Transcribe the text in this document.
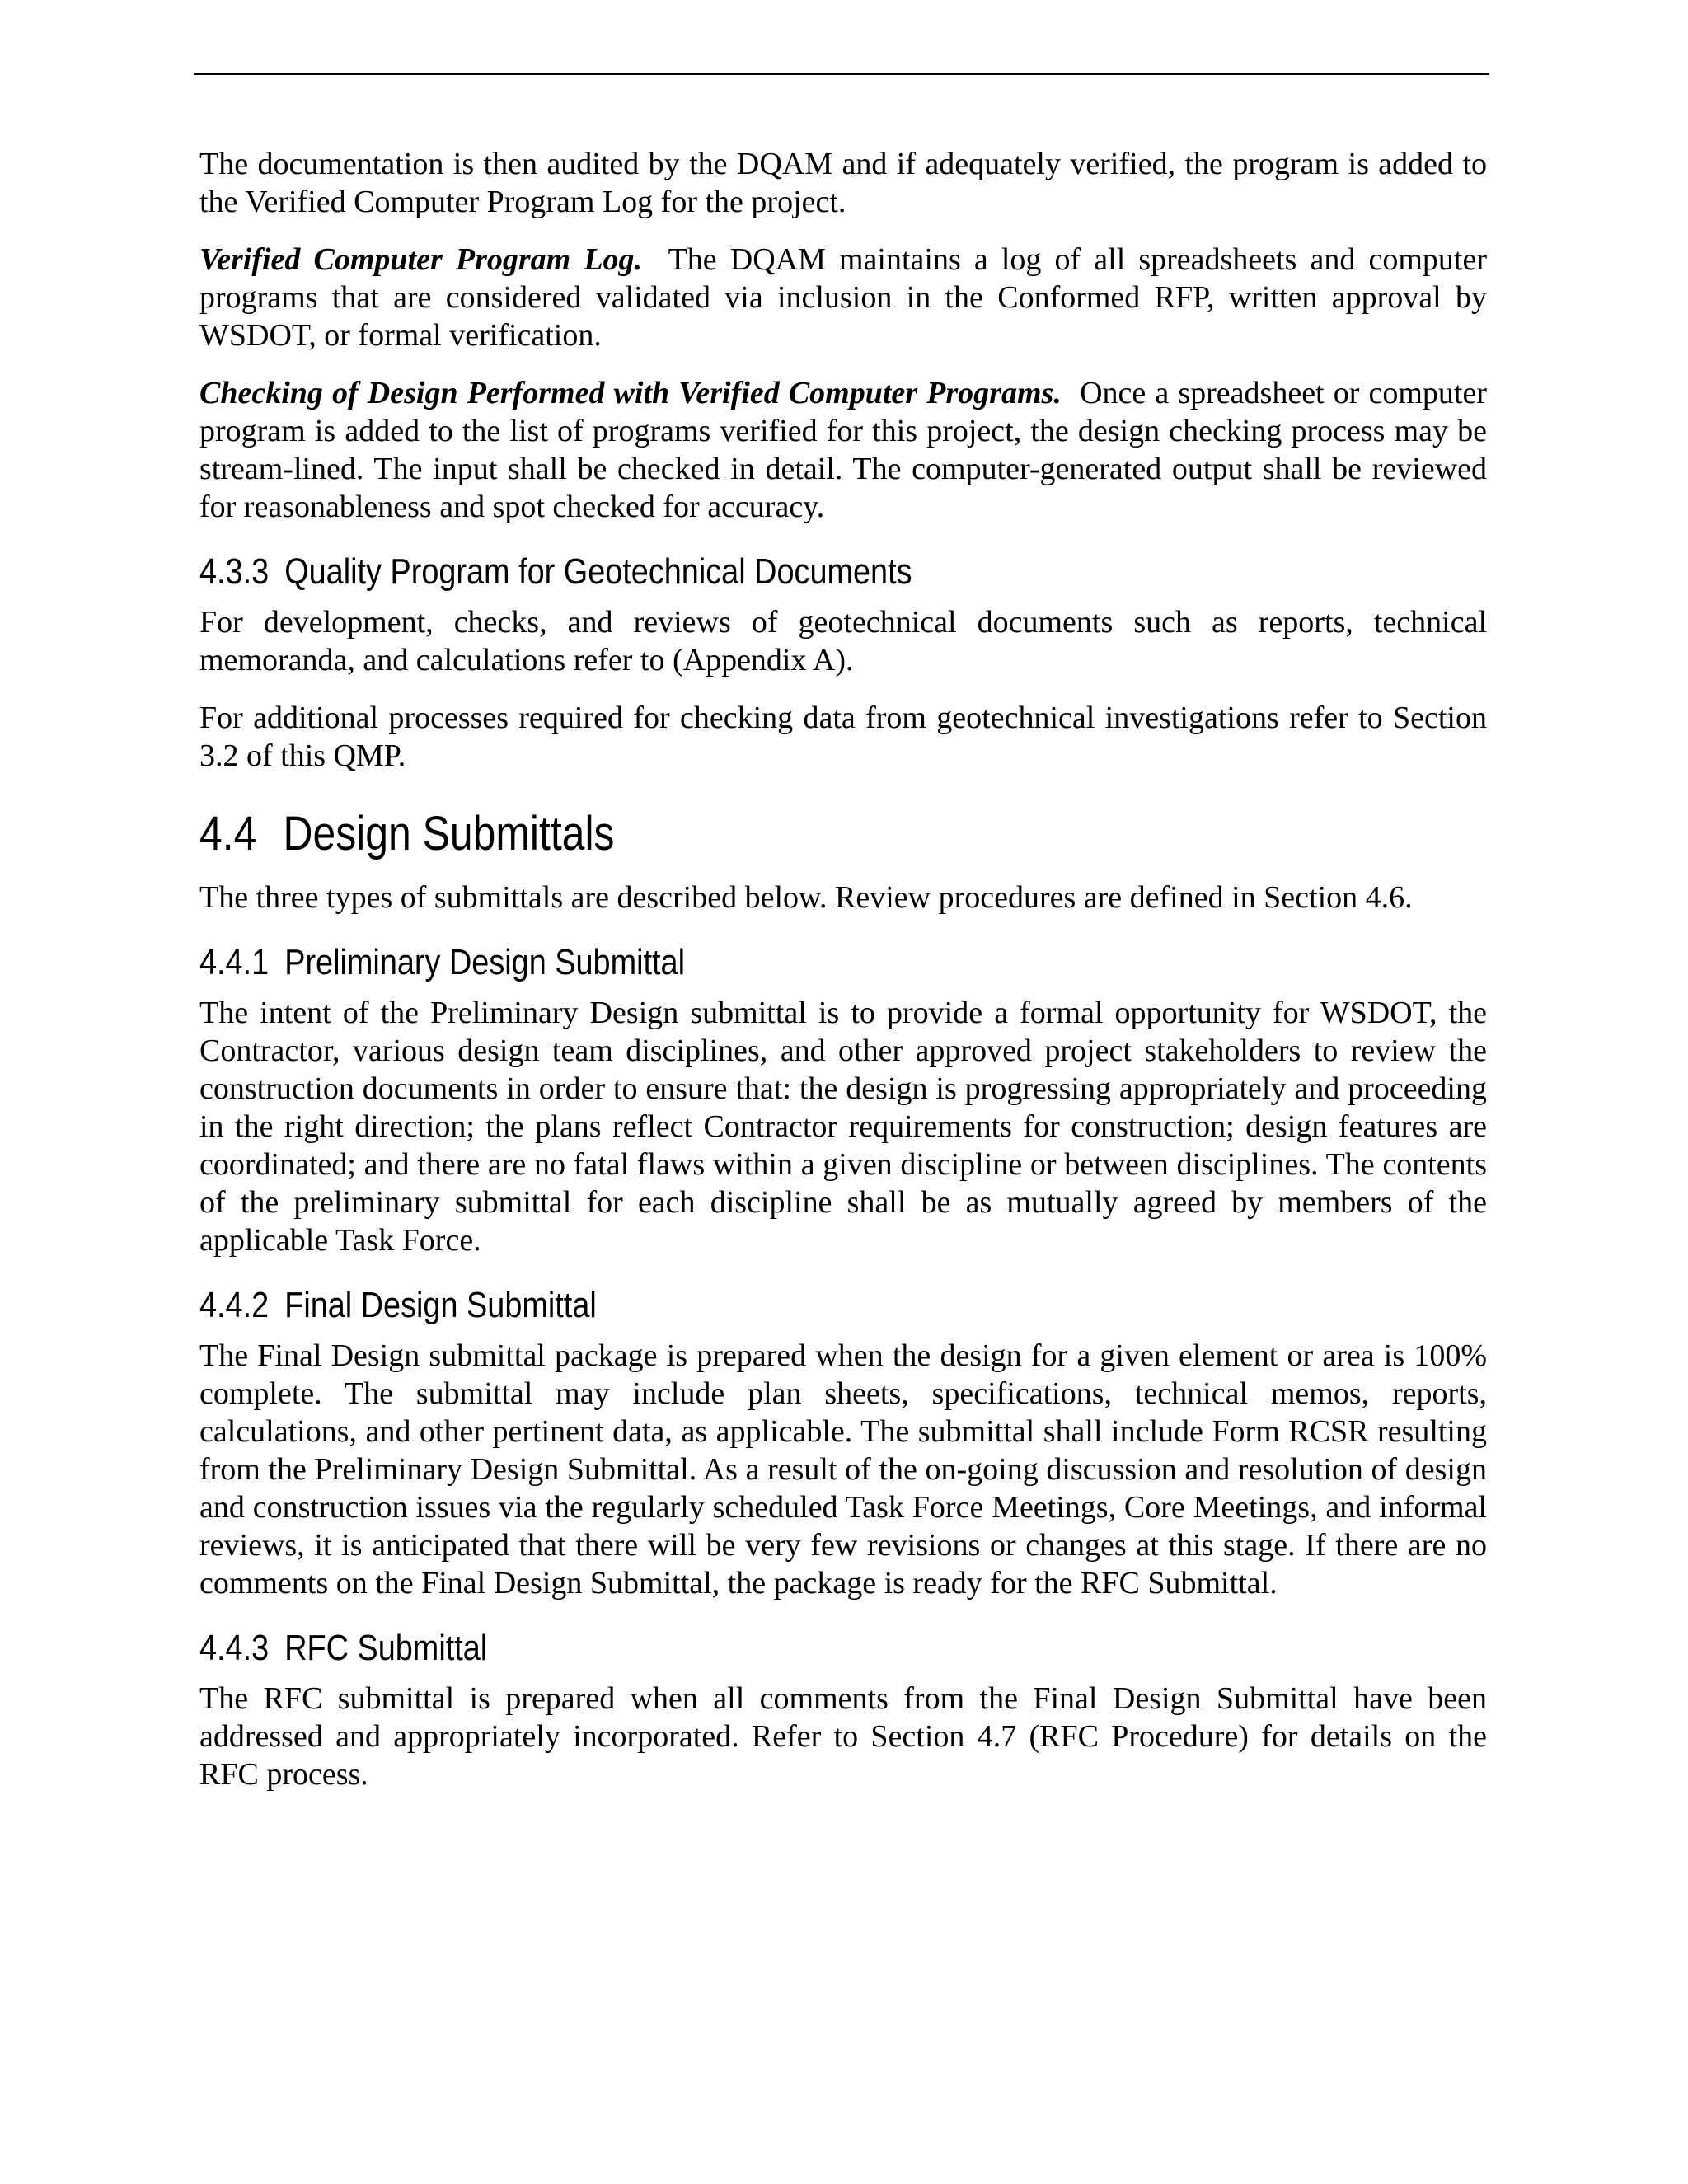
The documentation is then audited by the DQAM and if adequately verified, the program is added to the Verified Computer Program Log for the project.

Verified Computer Program Log. The DQAM maintains a log of all spreadsheets and computer programs that are considered validated via inclusion in the Conformed RFP, written approval by WSDOT, or formal verification.

Checking of Design Performed with Verified Computer Programs. Once a spreadsheet or computer program is added to the list of programs verified for this project, the design checking process may be stream-lined. The input shall be checked in detail. The computer-generated output shall be reviewed for reasonableness and spot checked for accuracy.

4.3.3 Quality Program for Geotechnical Documents

For development, checks, and reviews of geotechnical documents such as reports, technical memoranda, and calculations refer to (Appendix A).

For additional processes required for checking data from geotechnical investigations refer to Section 3.2 of this QMP.

4.4 Design Submittals

The three types of submittals are described below. Review procedures are defined in Section 4.6.

4.4.1 Preliminary Design Submittal

The intent of the Preliminary Design submittal is to provide a formal opportunity for WSDOT, the Contractor, various design team disciplines, and other approved project stakeholders to review the construction documents in order to ensure that: the design is progressing appropriately and proceeding in the right direction; the plans reflect Contractor requirements for construction; design features are coordinated; and there are no fatal flaws within a given discipline or between disciplines. The contents of the preliminary submittal for each discipline shall be as mutually agreed by members of the applicable Task Force.

4.4.2 Final Design Submittal

The Final Design submittal package is prepared when the design for a given element or area is 100% complete. The submittal may include plan sheets, specifications, technical memos, reports, calculations, and other pertinent data, as applicable. The submittal shall include Form RCSR resulting from the Preliminary Design Submittal. As a result of the on-going discussion and resolution of design and construction issues via the regularly scheduled Task Force Meetings, Core Meetings, and informal reviews, it is anticipated that there will be very few revisions or changes at this stage. If there are no comments on the Final Design Submittal, the package is ready for the RFC Submittal.

4.4.3 RFC Submittal

The RFC submittal is prepared when all comments from the Final Design Submittal have been addressed and appropriately incorporated. Refer to Section 4.7 (RFC Procedure) for details on the RFC process.
